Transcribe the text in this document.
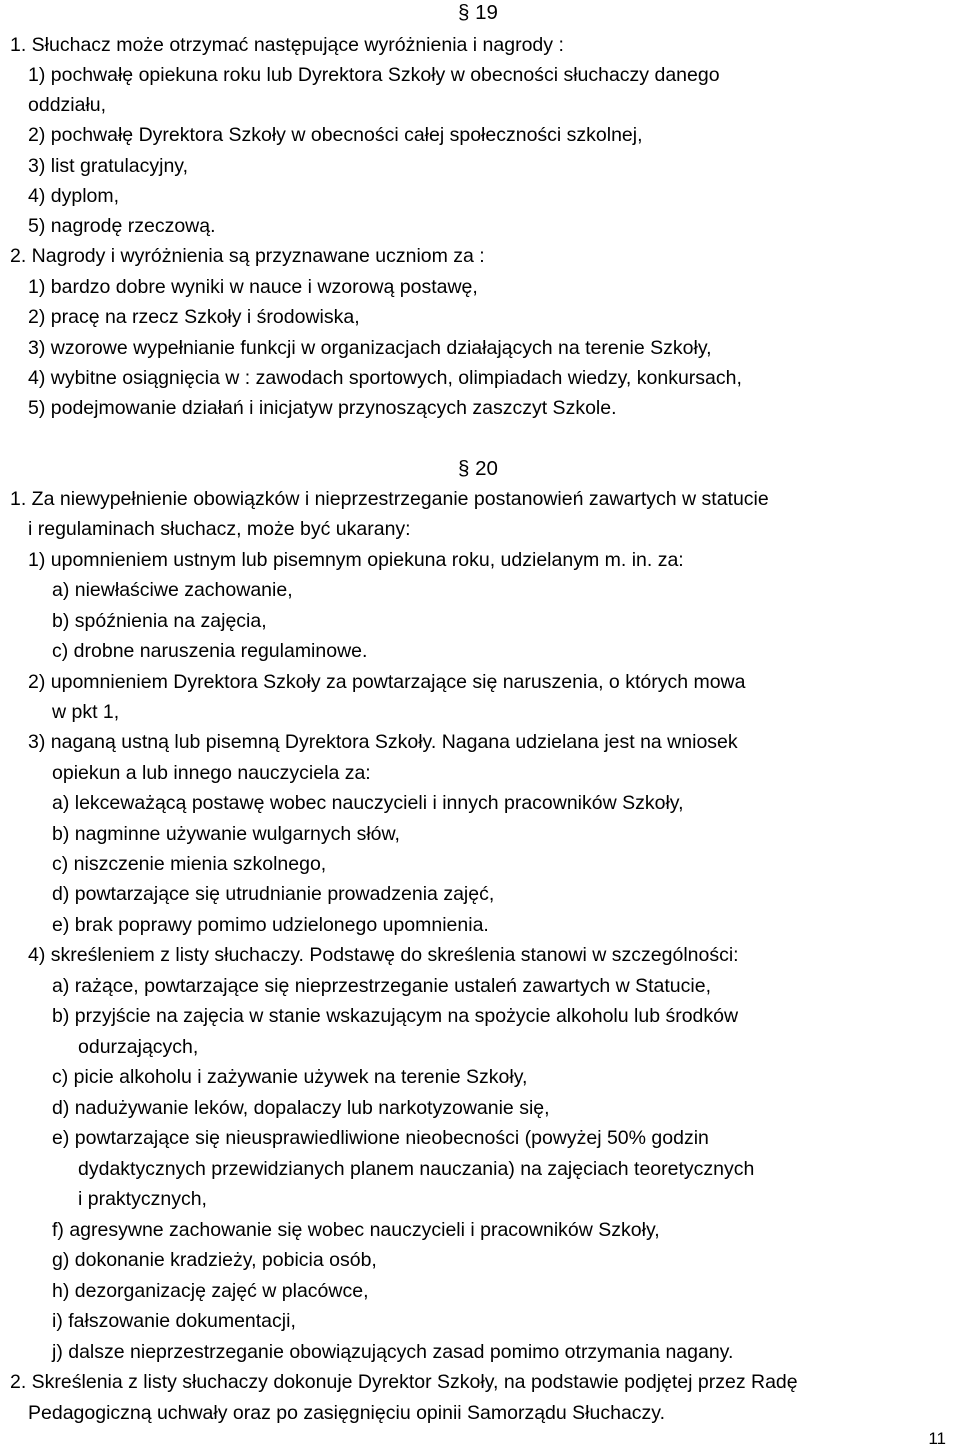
§ 19
1. Słuchacz może otrzymać następujące wyróżnienia i nagrody :
1) pochwałę opiekuna roku lub Dyrektora Szkoły w obecności słuchaczy danego
oddziału,
2) pochwałę Dyrektora Szkoły w obecności całej społeczności szkolnej,
3) list gratulacyjny,
4) dyplom,
5) nagrodę rzeczową.
2. Nagrody i wyróżnienia są przyznawane uczniom za :
1) bardzo dobre wyniki w nauce i wzorową postawę,
2) pracę na rzecz Szkoły i środowiska,
3) wzorowe wypełnianie funkcji w organizacjach działających na terenie Szkoły,
4) wybitne osiągnięcia w : zawodach sportowych, olimpiadach wiedzy, konkursach,
5) podejmowanie działań i inicjatyw przynoszących zaszczyt Szkole.
§ 20
1. Za niewypełnienie obowiązków i nieprzestrzeganie postanowień zawartych w statucie
i regulaminach słuchacz, może być ukarany:
1) upomnieniem ustnym lub pisemnym opiekuna roku, udzielanym m. in. za:
a) niewłaściwe zachowanie,
b) spóźnienia na zajęcia,
c) drobne naruszenia regulaminowe.
2) upomnieniem Dyrektora Szkoły za powtarzające się naruszenia, o których mowa
w pkt 1,
3) naganą ustną lub pisemną Dyrektora Szkoły. Nagana udzielana jest na wniosek
opiekun a lub innego nauczyciela za:
a) lekceważącą postawę wobec nauczycieli i innych pracowników Szkoły,
b) nagminne używanie wulgarnych słów,
c) niszczenie mienia szkolnego,
d) powtarzające się utrudnianie prowadzenia zajęć,
e) brak poprawy pomimo udzielonego upomnienia.
4) skreśleniem z listy słuchaczy. Podstawę do skreślenia stanowi w szczególności:
a) rażące, powtarzające się nieprzestrzeganie ustaleń zawartych w Statucie,
b) przyjście na zajęcia w stanie wskazującym na spożycie alkoholu lub środków
odurzających,
c) picie alkoholu i zażywanie używek na terenie Szkoły,
d) nadużywanie leków, dopalaczy lub narkotyzowanie się,
e) powtarzające się nieusprawiedliwione nieobecności (powyżej 50% godzin
dydaktycznych przewidzianych planem nauczania) na zajęciach teoretycznych
i praktycznych,
f) agresywne zachowanie się wobec nauczycieli i pracowników Szkoły,
g) dokonanie kradzieży, pobicia osób,
h) dezorganizację zajęć w placówce,
i) fałszowanie dokumentacji,
j) dalsze nieprzestrzeganie obowiązujących zasad pomimo otrzymania nagany.
2. Skreślenia z listy słuchaczy dokonuje Dyrektor Szkoły, na podstawie podjętej przez Radę
Pedagogiczną uchwały oraz po zasięgnięciu opinii Samorządu Słuchaczy.
11
